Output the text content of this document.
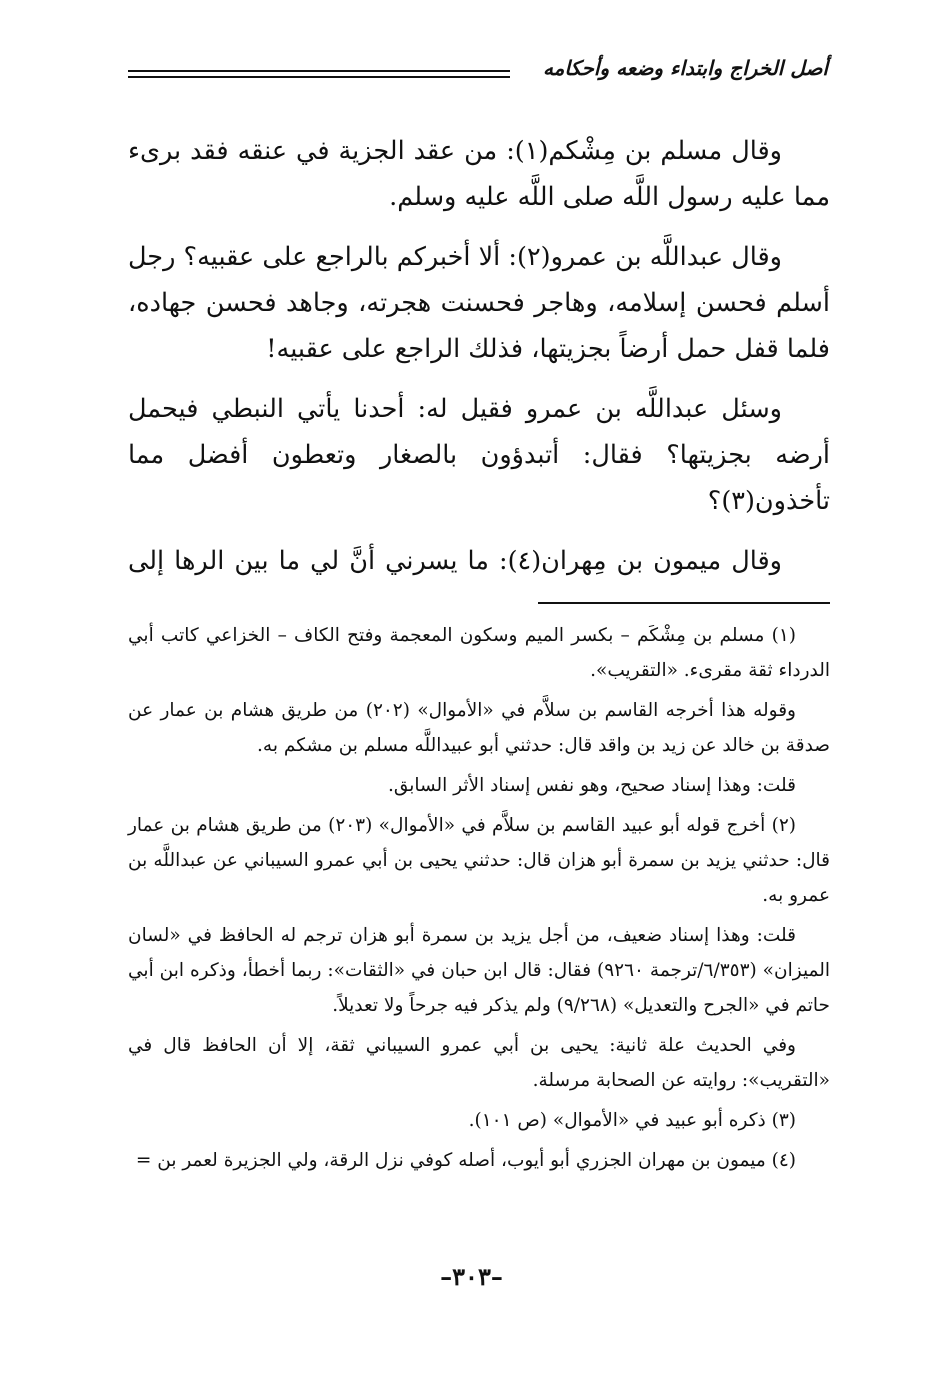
أصل الخراج وابتداء وضعه وأحكامه

وقال مسلم بن مِشْكم(١): من عقد الجزية في عنقه فقد برىء مما عليه رسول اللَّه صلى اللَّه عليه وسلم.

وقال عبداللَّه بن عمرو(٢): ألا أخبركم بالراجع على عقبيه؟ رجل أسلم فحسن إسلامه، وهاجر فحسنت هجرته، وجاهد فحسن جهاده، فلما قفل حمل أرضاً بجزيتها، فذلك الراجع على عقبيه!

وسئل عبداللَّه بن عمرو فقيل له: أحدنا يأتي النبطي فيحمل أرضه بجزيتها؟ فقال: أتبدؤون بالصغار وتعطون أفضل مما تأخذون(٣)؟

وقال ميمون بن مِهران(٤): ما يسرني أنَّ لي ما بين الرها إلى

(١) مسلم بن مِشْكَم – بكسر الميم وسكون المعجمة وفتح الكاف – الخزاعي كاتب أبي الدرداء ثقة مقرىء. «التقريب».

وقوله هذا أخرجه القاسم بن سلاَّم في «الأموال» (٢٠٢) من طريق هشام بن عمار عن صدقة بن خالد عن زيد بن واقد قال: حدثني أبو عبيداللَّه مسلم بن مشكم به.

قلت: وهذا إسناد صحيح، وهو نفس إسناد الأثر السابق.

(٢) أخرج قوله أبو عبيد القاسم بن سلاَّم في «الأموال» (٢٠٣) من طريق هشام بن عمار قال: حدثني يزيد بن سمرة أبو هزان قال: حدثني يحيى بن أبي عمرو السيباني عن عبداللَّه بن عمرو به.

قلت: وهذا إسناد ضعيف، من أجل يزيد بن سمرة أبو هزان ترجم له الحافظ في «لسان الميزان» (٦/٣٥٣/ترجمة ٩٢٦٠) فقال: قال ابن حبان في «الثقات»: ربما أخطأ، وذكره ابن أبي حاتم في «الجرح والتعديل» (٩/٢٦٨) ولم يذكر فيه جرحاً ولا تعديلاً.

وفي الحديث علة ثانية: يحيى بن أبي عمرو السيباني ثقة، إلا أن الحافظ قال في «التقريب»: روايته عن الصحابة مرسلة.

(٣) ذكره أبو عبيد في «الأموال» (ص ١٠١).

(٤) ميمون بن مهران الجزري أبو أيوب، أصله كوفي نزل الرقة، ولي الجزيرة لعمر بن =

–٣٠٣–
